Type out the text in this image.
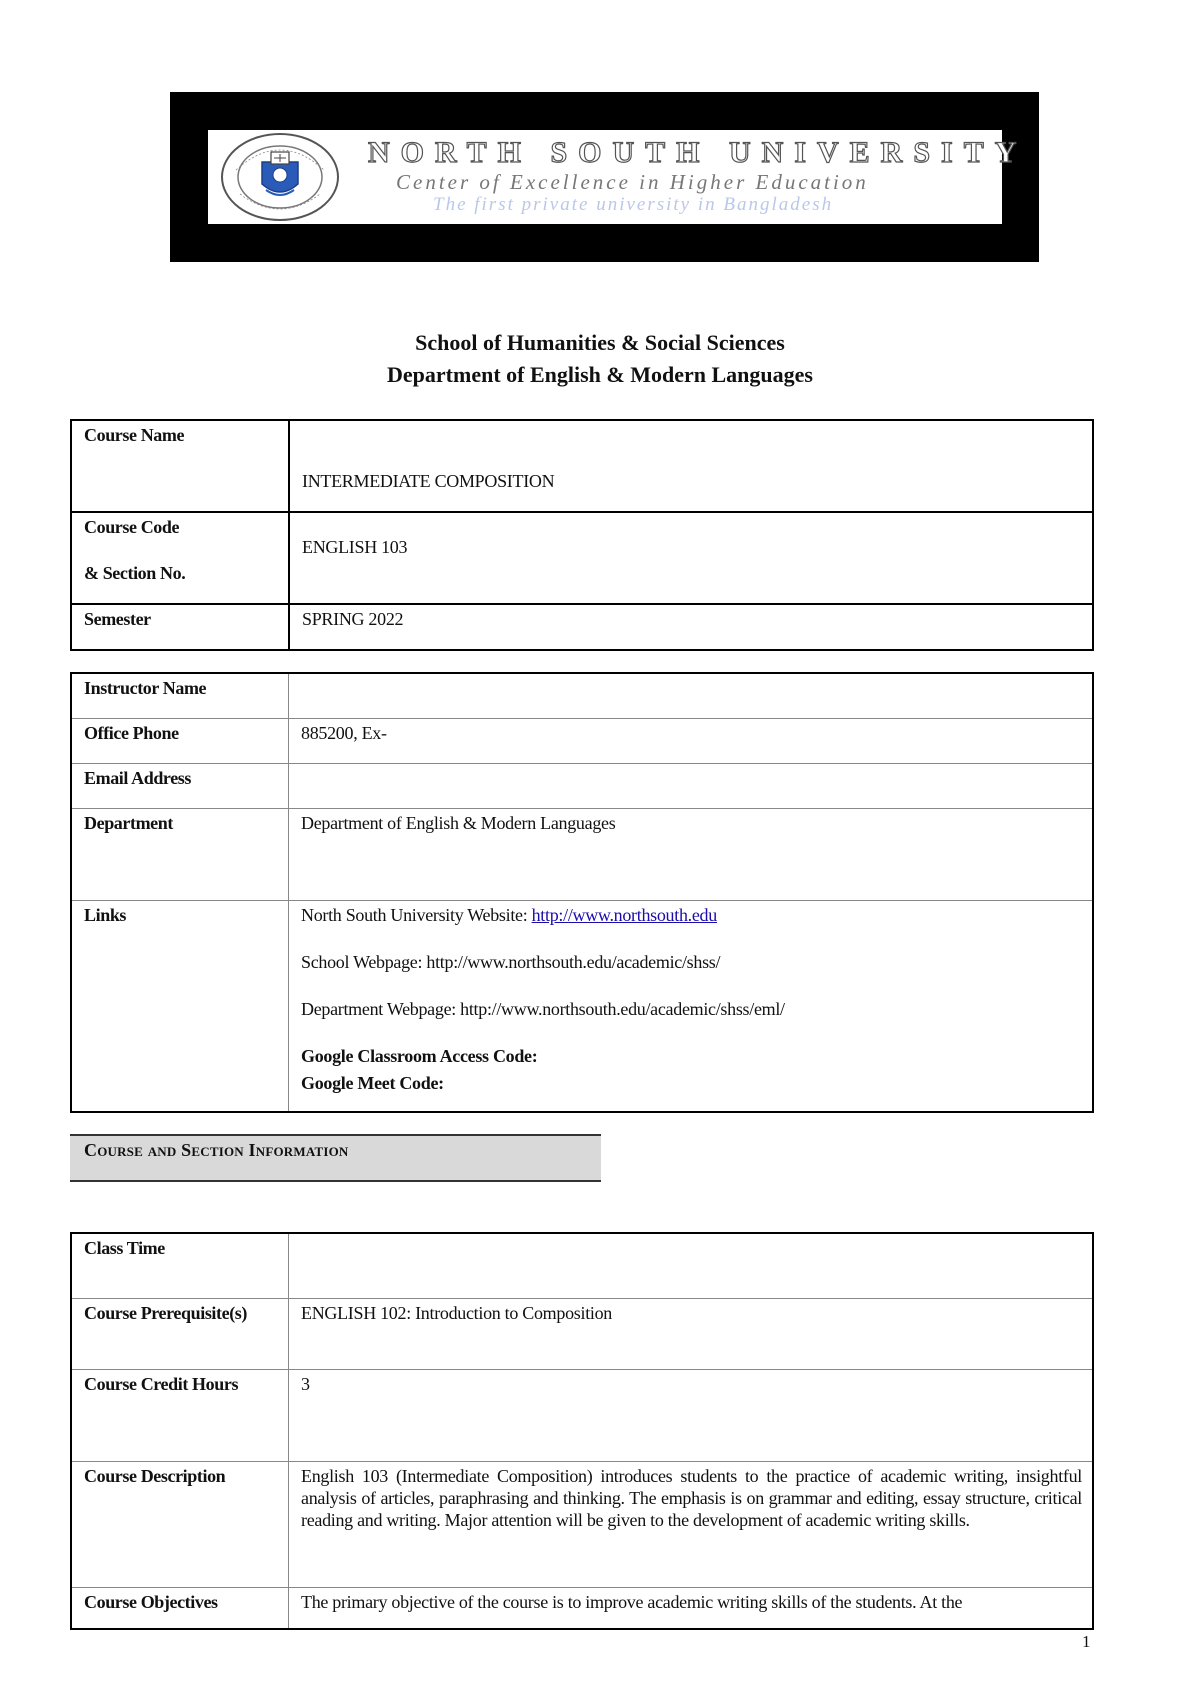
NORTH SOUTH UNIVERSITY
Center of Excellence in Higher Education
The first private university in Bangladesh
School of Humanities & Social Sciences
Department of English & Modern Languages
Course Name	INTERMEDIATE COMPOSITION

Course Code
& Section No.	ENGLISH 103

Semester	SPRING 2022
Instructor Name	
Office Phone	885200, Ex-
Email Address	
Department	Department of English & Modern Languages
Links	North South University Website: http://www.northsouth.edu
School Webpage: http://www.northsouth.edu/academic/shss/
Department Webpage: http://www.northsouth.edu/academic/shss/eml/
Google Classroom Access Code:
Google Meet Code:
Course and Section Information
Class Time	
Course Prerequisite(s)	ENGLISH 102: Introduction to Composition
Course Credit Hours	3
Course Description	English 103 (Intermediate Composition) introduces students to the practice of academic writing, insightful analysis of articles, paraphrasing and thinking. The emphasis is on grammar and editing, essay structure, critical reading and writing. Major attention will be given to the development of academic writing skills.
Course Objectives	The primary objective of the course is to improve academic writing skills of the students. At the
1
